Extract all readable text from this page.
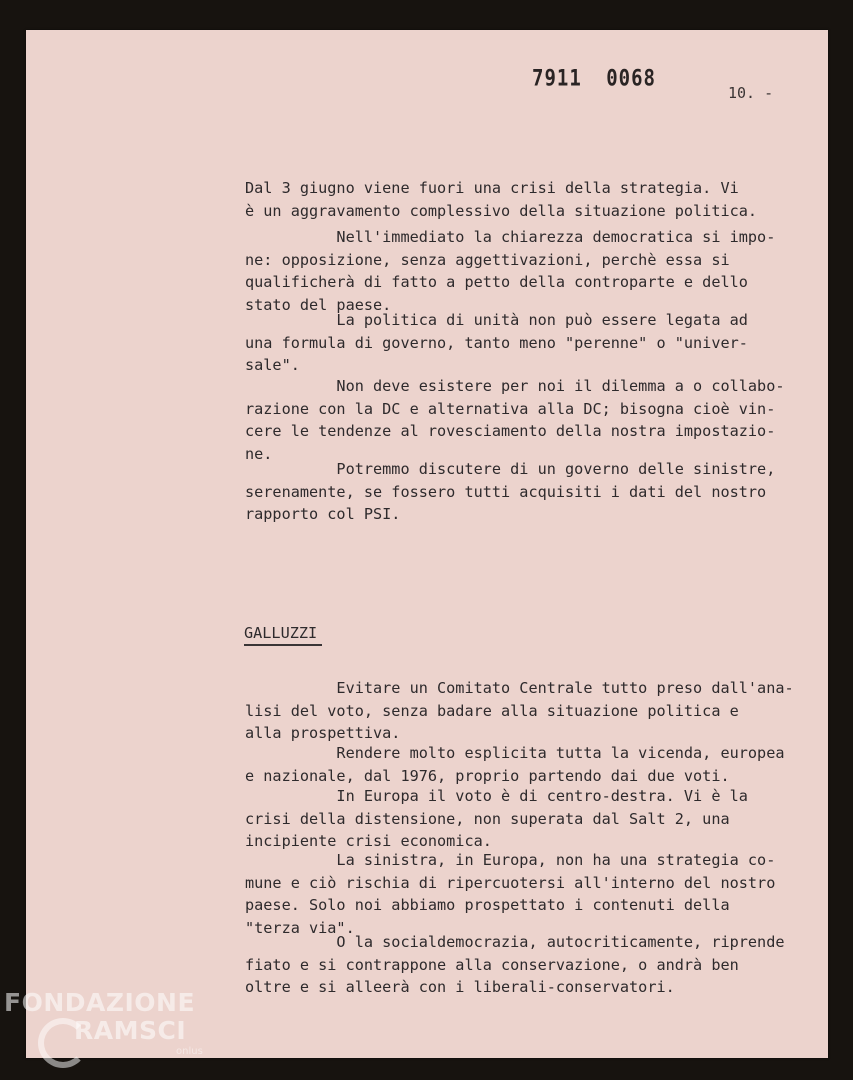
7911 0068
10. -

Dal 3 giugno viene fuori una crisi della strategia. Vi
è un aggravamento complessivo della situazione politica.

Nell'immediato la chiarezza democratica si impo-
ne: opposizione, senza aggettivazioni, perchè essa si
qualificherà di fatto a petto della controparte e dello
stato del paese.

La politica di unità non può essere legata ad
una formula di governo, tanto meno "perenne" o "univer-
sale".

Non deve esistere per noi il dilemma a o collabo-
razione con la DC e alternativa alla DC; bisogna cioè vin-
cere le tendenze al rovesciamento della nostra impostazio-
ne.

Potremmo discutere di un governo delle sinistre,
serenamente, se fossero tutti acquisiti i dati del nostro
rapporto col PSI.

GALLUZZI

Evitare un Comitato Centrale tutto preso dall'ana-
lisi del voto, senza badare alla situazione politica e
alla prospettiva.

Rendere molto esplicita tutta la vicenda, europea
e nazionale, dal 1976, proprio partendo dai due voti.

In Europa il voto è di centro-destra. Vi è la
crisi della distensione, non superata dal Salt 2, una
incipiente crisi economica.

La sinistra, in Europa, non ha una strategia co-
mune e ciò rischia di ripercuotersi all'interno del nostro
paese. Solo noi abbiamo prospettato i contenuti della
"terza via".

O la socialdemocrazia, autocriticamente, riprende
fiato e si contrappone alla conservazione, o andrà ben
oltre e si alleerà con i liberali-conservatori.

FONDAZIONE
RAMSCI
onlus
